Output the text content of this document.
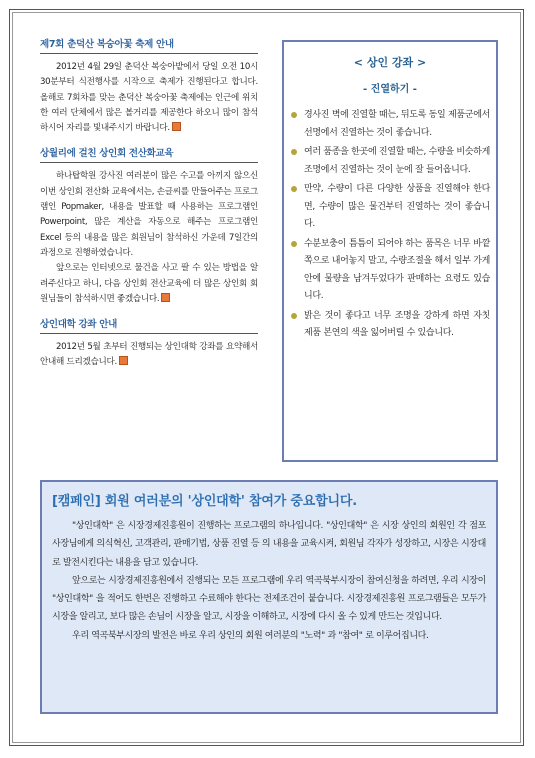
제7회 춘덕산 복숭아꽃 축제 안내

2012년 4월 29일 춘덕산 복숭아밭에서 당일 오전 10시 30분부터 식전행사를 시작으로 축제가 진행된다고 합니다. 올해로 7회차를 맞는 춘덕산 복숭아꽃 축제에는 인근에 위치한 여러 단체에서 많은 볼거리를 제공한다 하오니 많이 참석하시어 자리를 빛내주시기 바랍니다.

상월리에 걸친 상인회 전산화교육

하나탑학원 강사진 여러분이 많은 수고를 아끼지 않으신 이번 상인회 전산화 교육에서는, 손글씨를 만들어주는 프로그램인 Popmaker, 내용을 발표할 때 사용하는 프로그램인 Powerpoint, 많은 계산을 자동으로 해주는 프로그램인 Excel 등의 내용을 많은 회원님이 참석하신 가운데 7일간의 과정으로 진행하였습니다.

앞으로는 인터넷으로 물건을 사고 팔 수 있는 방법을 알려주신다고 하니, 다음 상인회 전산교육에 더 많은 상인회 회원님들이 참석하시면 좋겠습니다.

상인대학 강좌 안내

2012년 5월 초부터 진행되는 상인대학 강좌를 요약해서 안내해 드리겠습니다.

< 상인 강좌 >
- 진열하기 -
경사진 벽에 진열할 때는, 뒤도록 동일 제품군에서 선명에서 진열하는 것이 좋습니다.
여러 품종을 한곳에 진열할 때는, 수량을 비슷하게 조명에서 진열하는 것이 눈에 잘 들어옵니다.
만약, 수량이 다른 다양한 상품을 진열해야 한다면, 수량이 많은 물건부터 진열하는 것이 좋습니다.
수분보충이 틈틈이 되어야 하는 품목은 너무 바깥쪽으로 내어놓지 말고, 수량조절을 해서 일부 가게 안에 물량을 남겨두었다가 판매하는 요령도 있습니다.
밝은 것이 좋다고 너무 조명을 강하게 하면 자칫 제품 본연의 색을 잃어버릴 수 있습니다.
[캠페인] 회원 여러분의 '상인대학' 참여가 중요합니다.

"상인대학" 은 시장경제진흥원이 진행하는 프로그램의 하나입니다. "상인대학" 은 시장 상인의 회원인 각 점포 사장님에게 의식혁신, 고객관리, 판매기법, 상품 진열 등 의 내용을 교육시켜, 회원님 각자가 성장하고, 시장은 시장대로 발전시킨다는 내용을 담고 있습니다.

앞으로는 시장경제진흥원에서 진행되는 모든 프로그램에 우리 역곡북부시장이 참여신청을 하려면, 우리 시장이 "상인대학" 을 적어도 한번은 진행하고 수료해야 한다는 전제조건이 붙습니다. 시장경제진흥원 프로그램들은 모두가 시장을 알리고, 보다 많은 손님이 시장을 알고, 시장을 이해하고, 시장에 다시 올 수 있게 만드는 것입니다.

우리 역곡북부시장의 발전은 바로 우리 상인의 회원 여러분의 "노력" 과 "참여" 로 이루어집니다.
